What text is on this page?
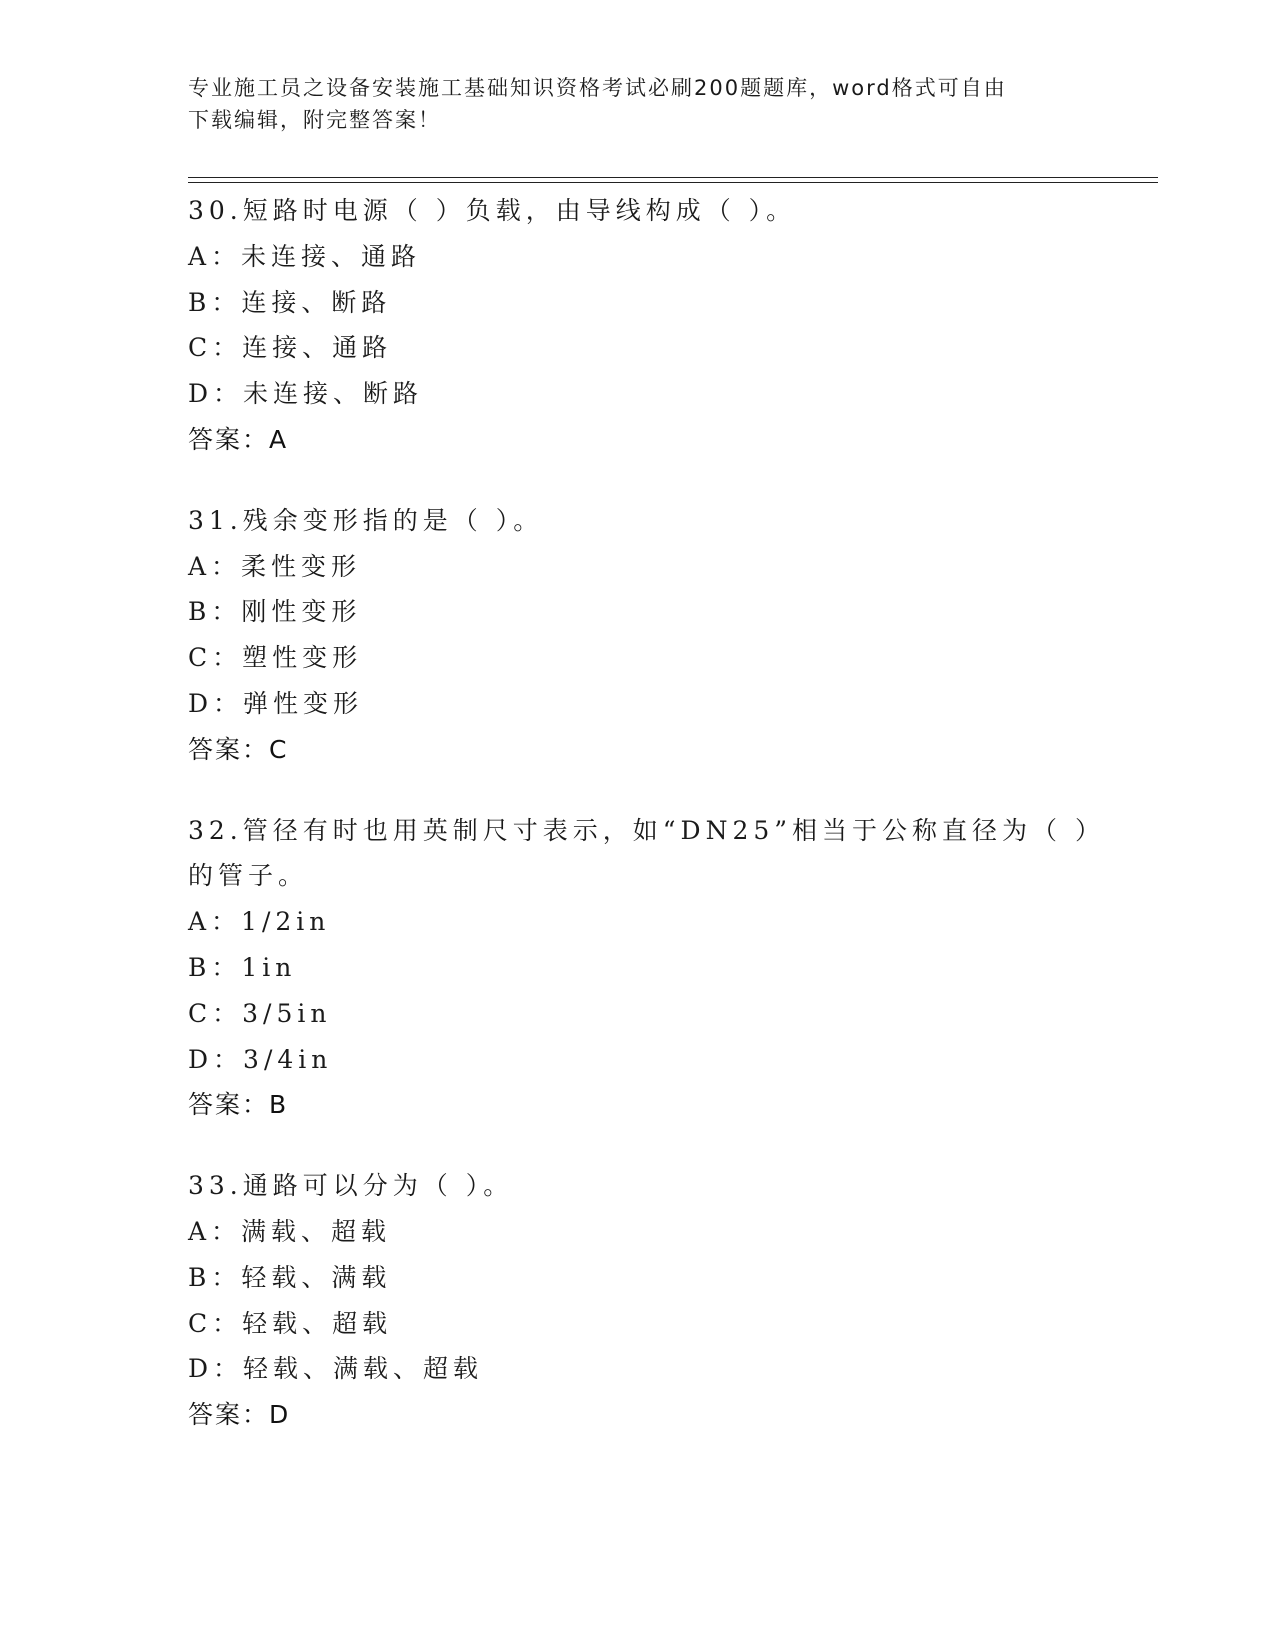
专业施工员之设备安装施工基础知识资格考试必刷200题题库，word格式可自由
下载编辑，附完整答案！
30.短路时电源（ ）负载，由导线构成（ ）。
A：未连接、通路
B：连接、断路
C：连接、通路
D：未连接、断路
答案：A
31.残余变形指的是（ ）。
A：柔性变形
B：刚性变形
C：塑性变形
D：弹性变形
答案：C
32.管径有时也用英制尺寸表示，如“DN25”相当于公称直径为（ ）
的管子。
A：1/2in
B：1in
C：3/5in
D：3/4in
答案：B
33.通路可以分为（ ）。
A：满载、超载
B：轻载、满载
C：轻载、超载
D：轻载、满载、超载
答案：D
